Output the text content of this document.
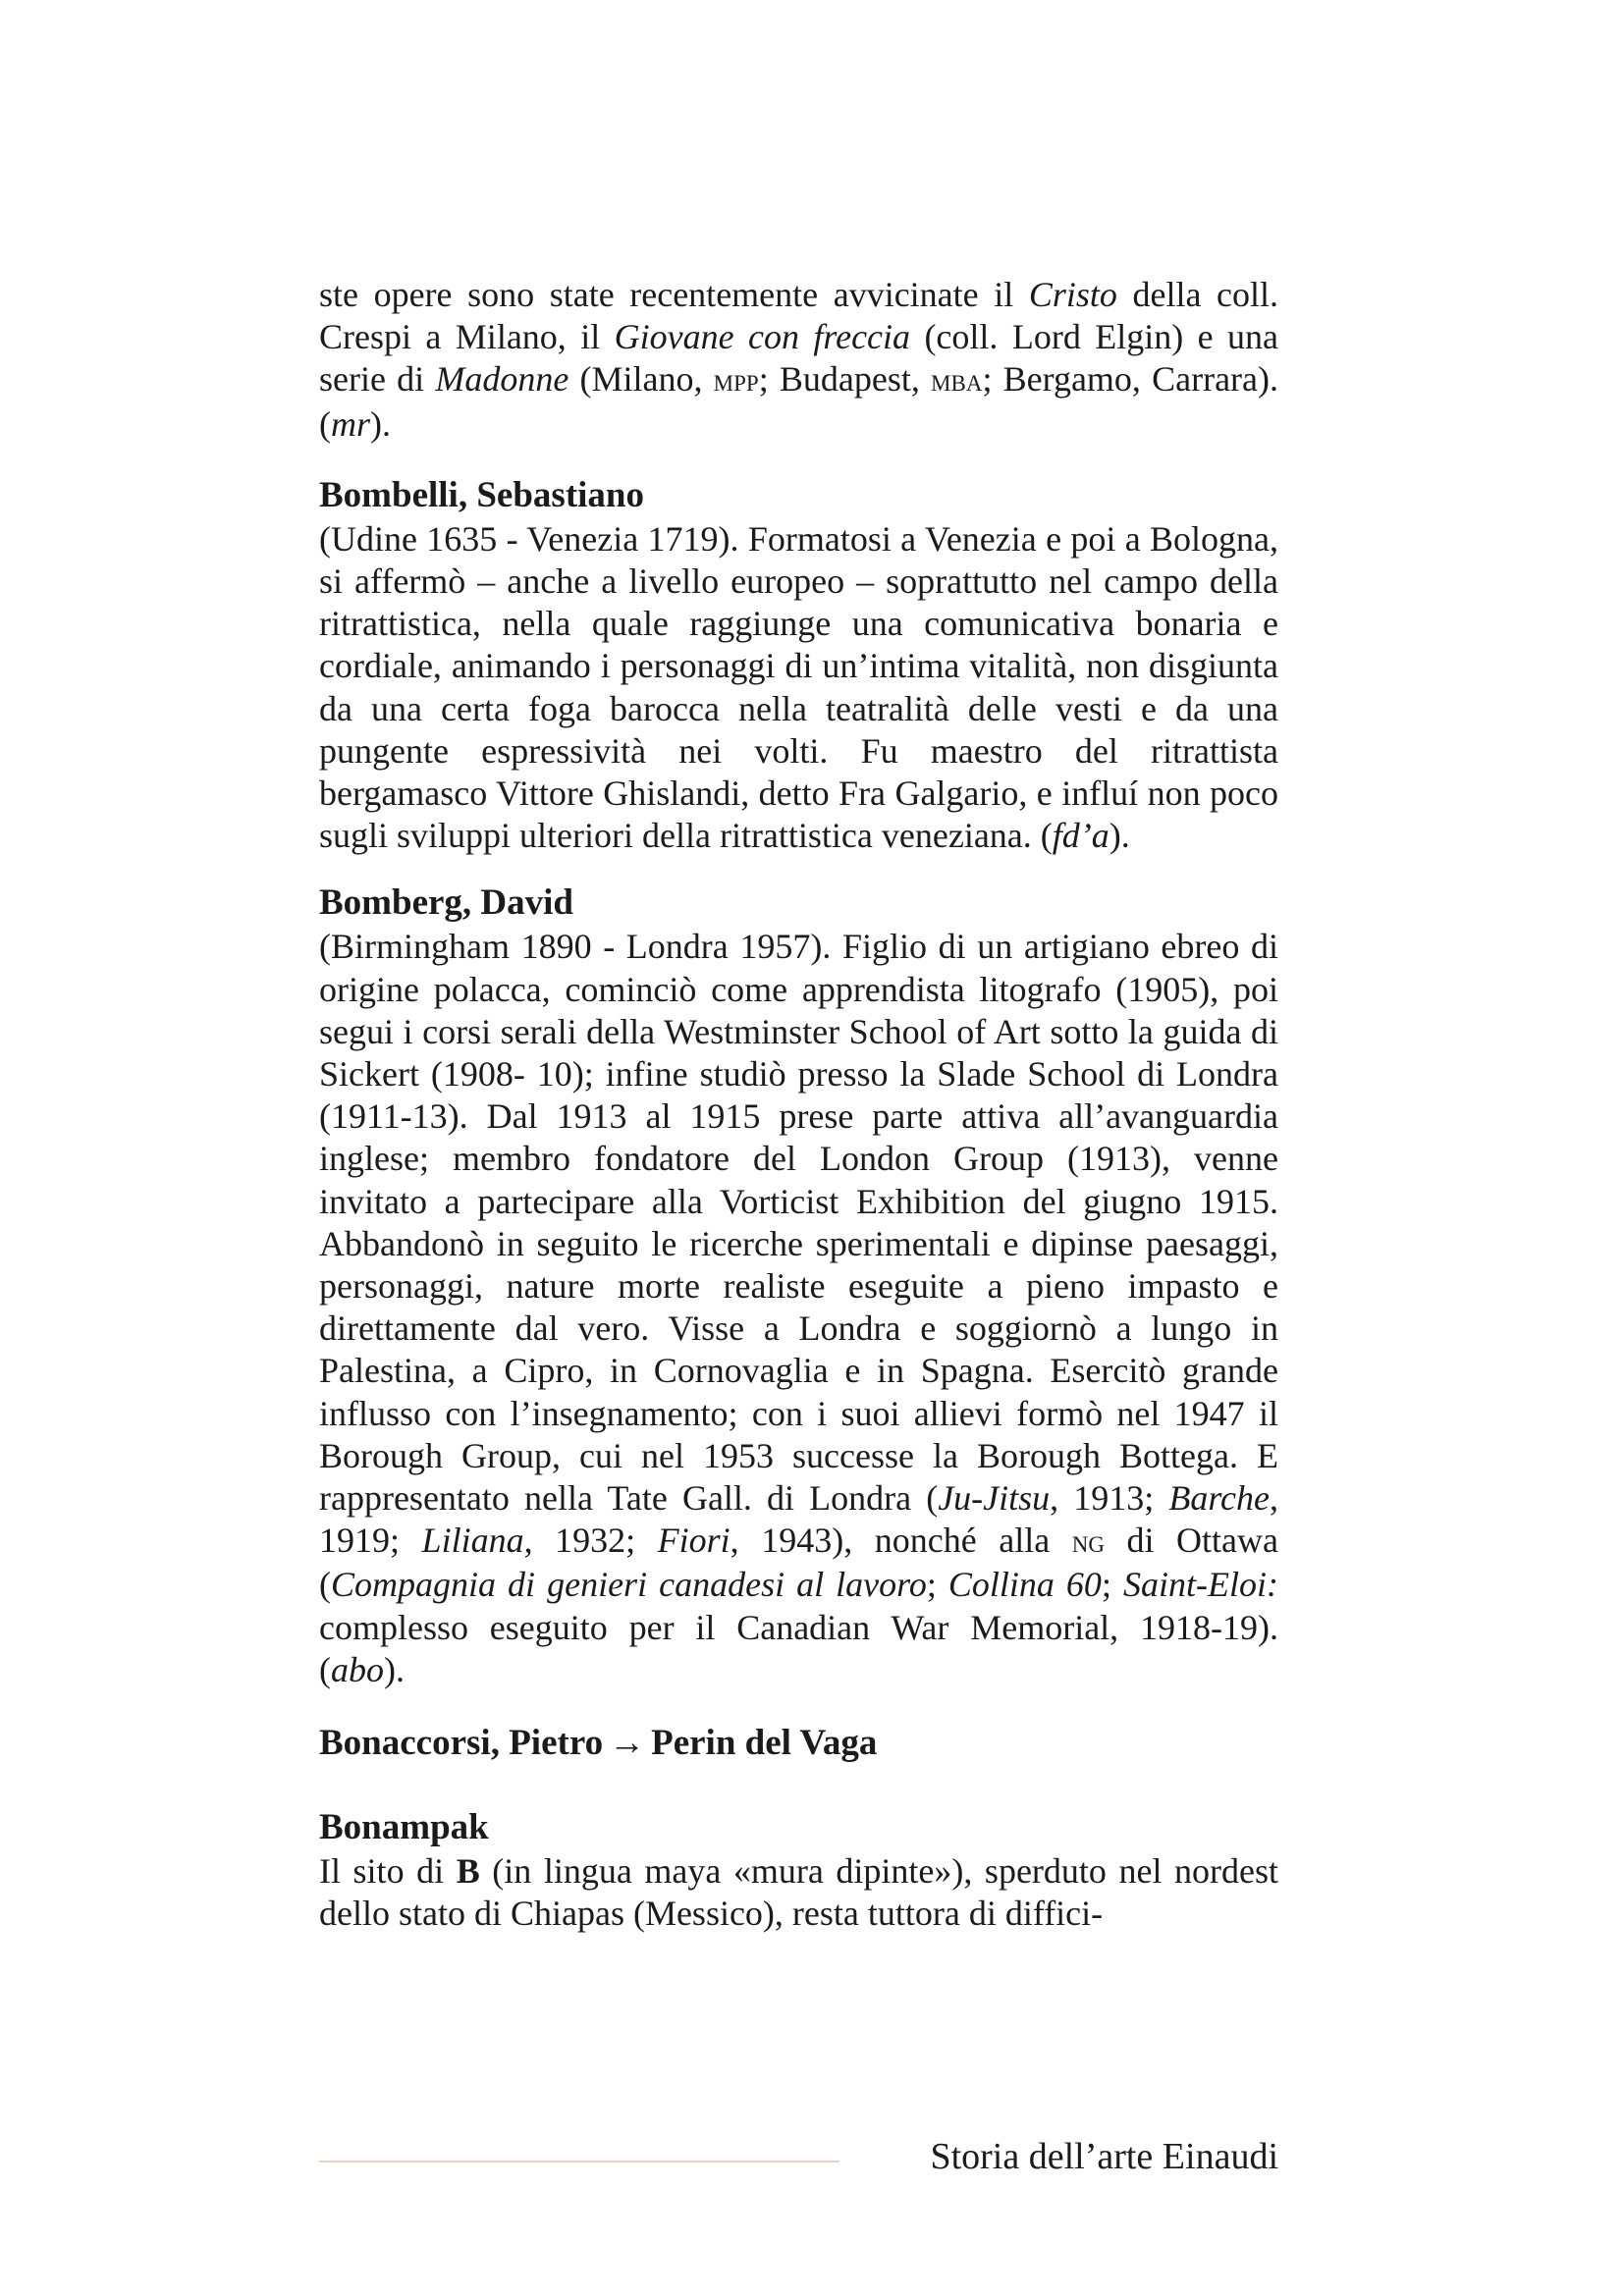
ste opere sono state recentemente avvicinate il Cristo della coll. Crespi a Milano, il Giovane con freccia (coll. Lord Elgin) e una serie di Madonne (Milano, mpp; Budapest, mba; Bergamo, Carrara). (mr).

Bombelli, Sebastiano

(Udine 1635 - Venezia 1719). Formatosi a Venezia e poi a Bologna, si affermò – anche a livello europeo – soprattutto nel campo della ritrattistica, nella quale raggiunge una comunicativa bonaria e cordiale, animando i personaggi di un’intima vitalità, non disgiunta da una certa foga barocca nella teatralità delle vesti e da una pungente espressività nei volti. Fu maestro del ritrattista bergamasco Vittore Ghislandi, detto Fra Galgario, e influí non poco sugli sviluppi ulteriori della ritrattistica veneziana. (fd’a).

Bomberg, David

(Birmingham 1890 - Londra 1957). Figlio di un artigiano ebreo di origine polacca, cominciò come apprendista litografo (1905), poi segui i corsi serali della Westminster School of Art sotto la guida di Sickert (1908- 10); infine studiò presso la Slade School di Londra (1911-13). Dal 1913 al 1915 prese parte attiva all’avanguardia inglese; membro fondatore del London Group (1913), venne invitato a partecipare alla Vorticist Exhibition del giugno 1915. Abbandonò in seguito le ricerche sperimentali e dipinse paesaggi, personaggi, nature morte realiste eseguite a pieno impasto e direttamente dal vero. Visse a Londra e soggiornò a lungo in Palestina, a Cipro, in Cornovaglia e in Spagna. Esercitò grande influsso con l’insegnamento; con i suoi allievi formò nel 1947 il Borough Group, cui nel 1953 successe la Borough Bottega. E rappresentato nella Tate Gall. di Londra (Ju-Jitsu, 1913; Barche, 1919; Liliana, 1932; Fiori, 1943), nonché alla ng di Ottawa (Compagnia di genieri canadesi al lavoro; Collina 60; Saint-Eloi: complesso eseguito per il Canadian War Memorial, 1918-19). (abo).

Bonaccorsi, Pietro → Perin del Vaga
Bonampak

Il sito di B (in lingua maya «mura dipinte»), sperduto nel nordest dello stato di Chiapas (Messico), resta tuttora di diffici-

Storia dell’arte Einaudi
